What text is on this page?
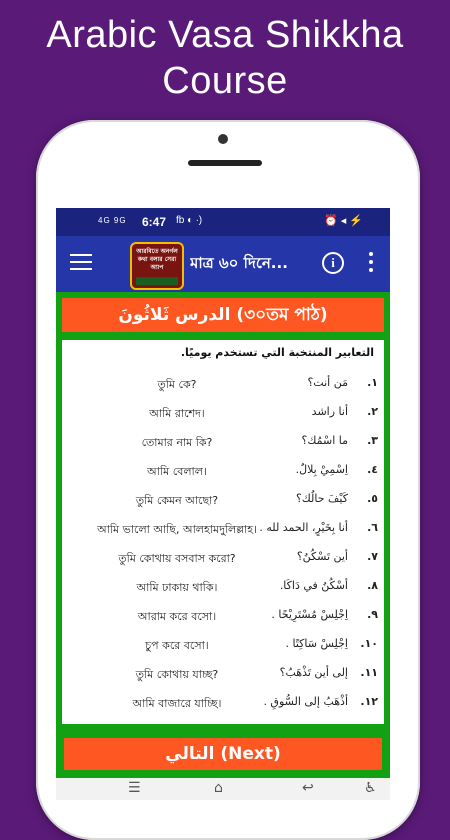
Arabic Vasa Shikkha
Course
4G 9G 6:47 fb ◐ ∙)	⏰ ◂ ⚡
আরবিতে অনর্গল কথা বলার সেরা অ্যাপ	মাত্র ৬০ দিনে...	i
الدرس ثَلاثُونَ (৩০তম পাঠ)
التعابير المنتخبة التي تستخدم يوميًا.
তুমি কে?	مَن أنت؟ ١.
আমি রাশেদ।	أنا راشد ٢.
তোমার নাম কি?	ما اسْمُك؟ ٣.
আমি বেলাল।	اِسْمِيْ بِلالٌ. ٤.
তুমি কেমন আছো?	كَيْفَ حالُك؟ ٥.
আমি ভালো আছি, আলহামদুলিল্লাহ। أنا بِخَيْرٍ، الحمد لله . ٦.
তুমি কোথায় বসবাস করো?	أين تَسْكُنُ؟ ٧.
আমি ঢাকায় থাকি।	أسْكُنُ في دَاكَا. ٨.
আরাম করে বসো।	اِجْلِسْ مُسْتَرِيْحًا . ٩.
চুপ করে বসো।	اِجْلِسْ سَاكِتًا . ١٠.
তুমি কোথায় যাচ্ছ?	إلى أين تَذْهَبُ؟ ١١.
আমি বাজারে যাচ্ছি।	أذْهَبُ إلى السُّوقِ . ١٢.
التالي (Next)
☰	⌂	↩	♿
